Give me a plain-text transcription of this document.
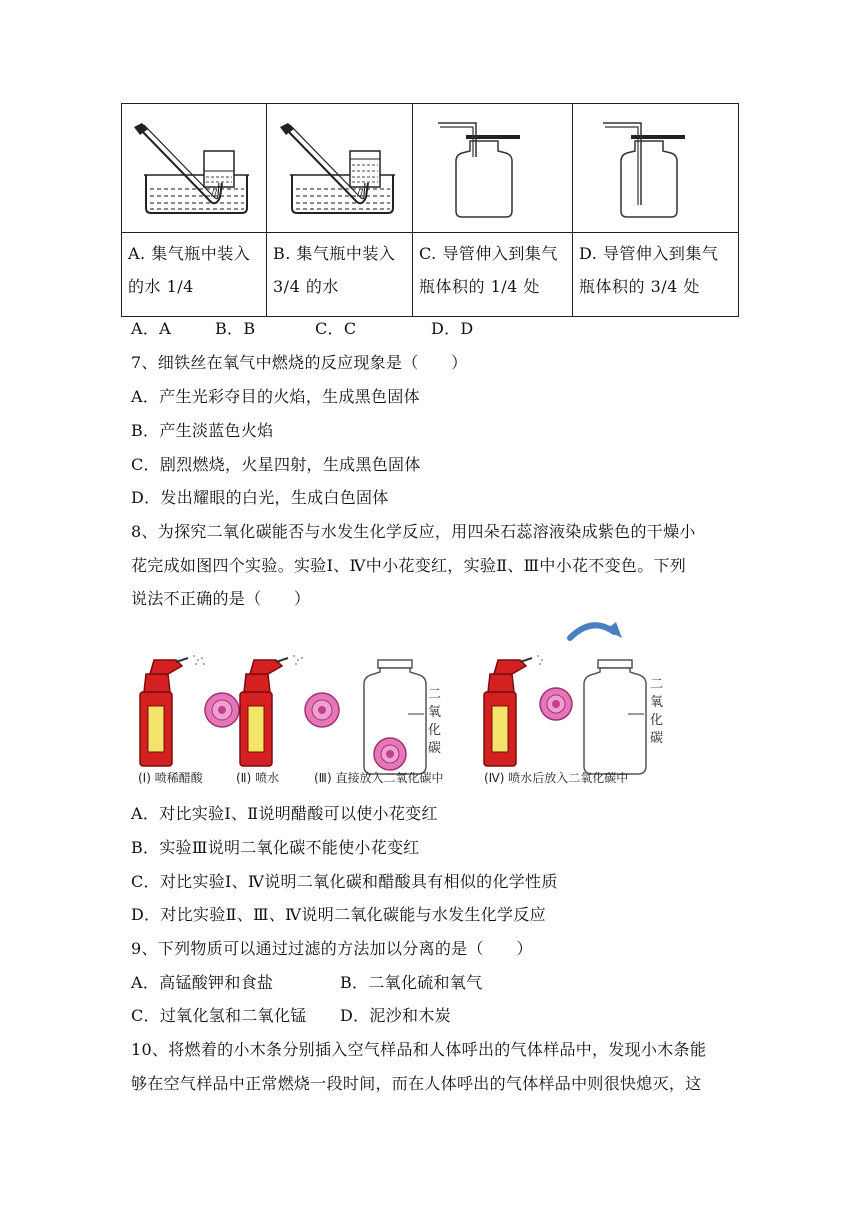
//	//

A. 集气瓶中装入的水 1/4	B. 集气瓶中装入3/4 的水	C. 导管伸入到集气瓶体积的 1/4 处	D. 导管伸入到集气瓶体积的 3/4 处
A．A	B．B	C．C	D．D
7、细铁丝在氧气中燃烧的反应现象是（　　）
A．产生光彩夺目的火焰，生成黑色固体
B．产生淡蓝色火焰
C．剧烈燃烧，火星四射，生成黑色固体
D．发出耀眼的白光，生成白色固体
8、为探究二氧化碳能否与水发生化学反应，用四朵石蕊溶液染成紫色的干燥小
花完成如图四个实验。实验Ⅰ、Ⅳ中小花变红，实验Ⅱ、Ⅲ中小花不变色。下列
说法不正确的是（　　）
二
氧
化
碳
二
氧
化
碳
(Ⅰ) 喷稀醋酸	(Ⅱ) 喷水	(Ⅲ) 直接放入二氧化碳中	(Ⅳ) 喷水后放入二氧化碳中
A．对比实验Ⅰ、Ⅱ说明醋酸可以使小花变红
B．实验Ⅲ说明二氧化碳不能使小花变红
C．对比实验Ⅰ、Ⅳ说明二氧化碳和醋酸具有相似的化学性质
D．对比实验Ⅱ、Ⅲ、Ⅳ说明二氧化碳能与水发生化学反应
9、下列物质可以通过过滤的方法加以分离的是（　　）
A．高锰酸钾和食盐	B．二氧化硫和氧气
C．过氧化氢和二氧化锰 D．泥沙和木炭
10、将燃着的小木条分别插入空气样品和人体呼出的气体样品中，发现小木条能
够在空气样品中正常燃烧一段时间，而在人体呼出的气体样品中则很快熄灭，这
